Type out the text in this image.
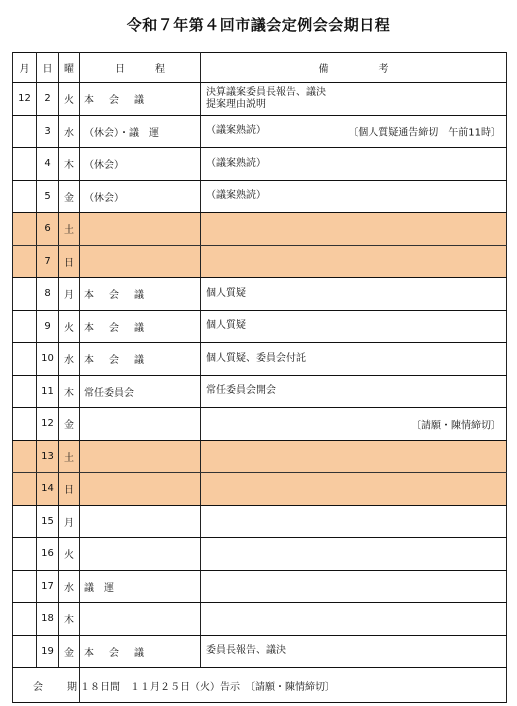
令和７年第４回市議会定例会会期日程
月	日	曜	日　　　程	備　　　　　考
12	2	火	本会議	決算議案委員長報告、議決
提案理由説明

	3	水	（休会）・議　運	（議案熟読） 〔個人質疑通告締切　午前11時〕

	4	木	（休会）	（議案熟読）

	5	金	（休会）	（議案熟読）

	6	土		
	7	日		
	8	月	本会議	個人質疑

	9	火	本会議	個人質疑

	10	水	本会議	個人質疑、委員会付託

	11	木	常任委員会	常任委員会開会

	12	金		〔請願・陳情締切〕

	13	土		
	14	日		
	15	月		
	16	火		
	17	水	議　運	
	18	木		
	19	金	本会議	委員長報告、議決

会期			１８日間　１１月２５日（火）告示　〔請願・陳情締切〕	
